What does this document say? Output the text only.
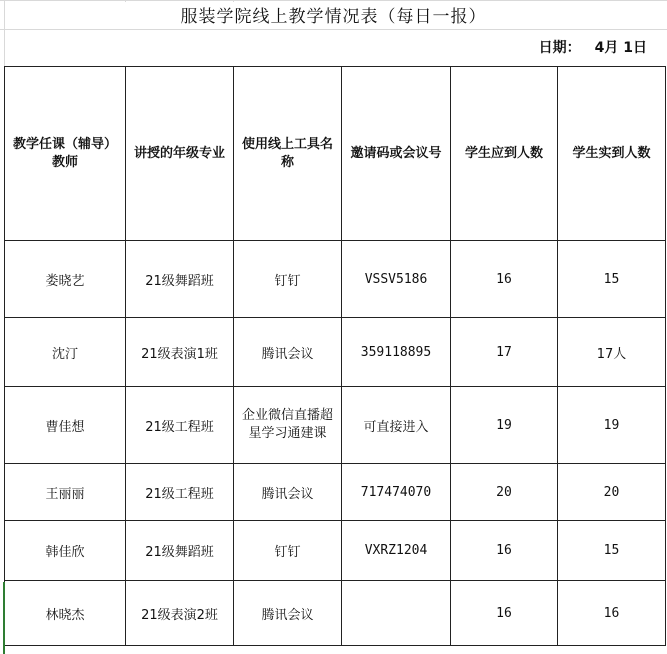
服装学院线上教学情况表（每日一报）
日期： 4月 1日
教学任课（辅导）教师	讲授的年级专业	使用线上工具名称	邀请码或会议号	学生应到人数	学生实到人数
娄晓艺	21级舞蹈班	钉钉	VSSV5186	16	15
沈汀	21级表演1班	腾讯会议	359118895	17	17人
曹佳想	21级工程班	企业微信直播超星学习通建课	可直接进入	19	19
王丽丽	21级工程班	腾讯会议	717474070	20	20
韩佳欣	21级舞蹈班	钉钉	VXRZ1204	16	15
林晓杰	21级表演2班	腾讯会议		16	16
